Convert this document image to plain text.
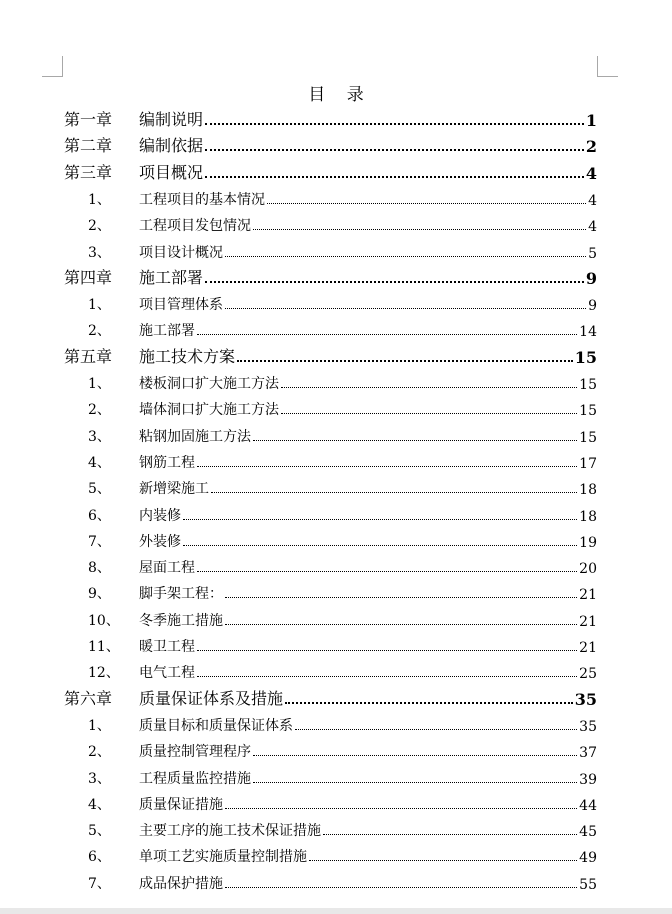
目    录
第一章	编制说明	1
第二章	编制依据	2
第三章	项目概况	4
1、	工程项目的基本情况	4
2、	工程项目发包情况	4
3、	项目设计概况	5
第四章	施工部署	9
1、	项目管理体系	9
2、	施工部署	14
第五章	施工技术方案	15
1、	楼板洞口扩大施工方法	15
2、	墙体洞口扩大施工方法	15
3、	粘钢加固施工方法	15
4、	钢筋工程	17
5、	新增梁施工	18
6、	内装修	18
7、	外装修	19
8、	屋面工程	20
9、	脚手架工程：	21
10、	冬季施工措施	21
11、	暖卫工程	21
12、	电气工程	25
第六章	质量保证体系及措施	35
1、	质量目标和质量保证体系	35
2、	质量控制管理程序	37
3、	工程质量监控措施	39
4、	质量保证措施	44
5、	主要工序的施工技术保证措施	45
6、	单项工艺实施质量控制措施	49
7、	成品保护措施	55
